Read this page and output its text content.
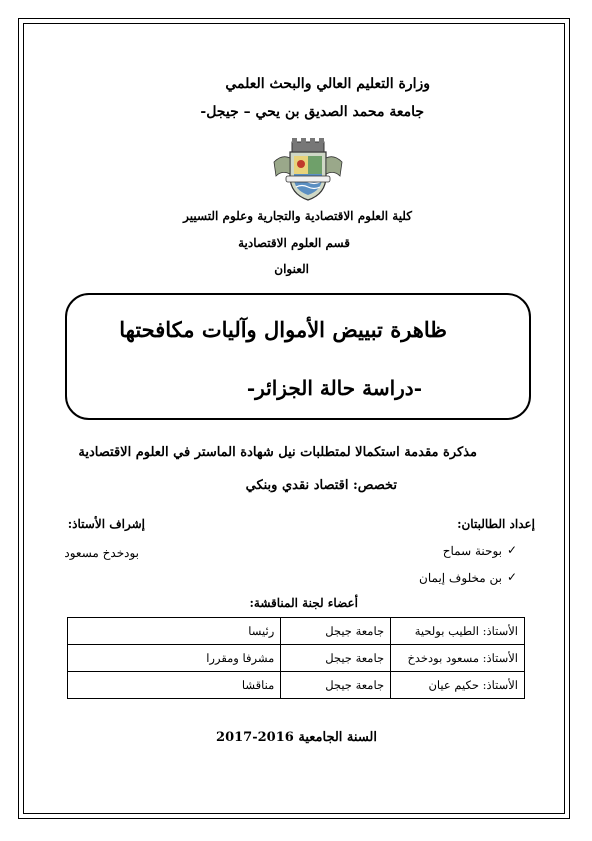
وزارة التعليم العالي والبحث العلمي
جامعة محمد الصديق بن يحي – جيجل-
كلية العلوم الاقتصادية والتجارية وعلوم التسيير
قسم العلوم الاقتصادية
العنوان
ظاهرة تبييض الأموال وآليات مكافحتها
-دراسة حالة الجزائر-
مذكرة مقدمة استكمالا لمتطلبات نيل شهادة الماستر في العلوم الاقتصادية
تخصص: اقتصاد نقدي وبنكي
إعداد الطالبتان:
إشراف الأستاذ:
✓
بوحنة سماح
✓
بن مخلوف إيمان
بودخدخ مسعود
أعضاء لجنة المناقشة:
الأستاذ: الطيب بولحية	جامعة جيجل	رئيسا
الأستاذ: مسعود بودخدخ	جامعة جيجل	مشرفا ومقررا
الأستاذ: حكيم عيان	جامعة جيجل	مناقشا
السنة الجامعية 2016-2017
